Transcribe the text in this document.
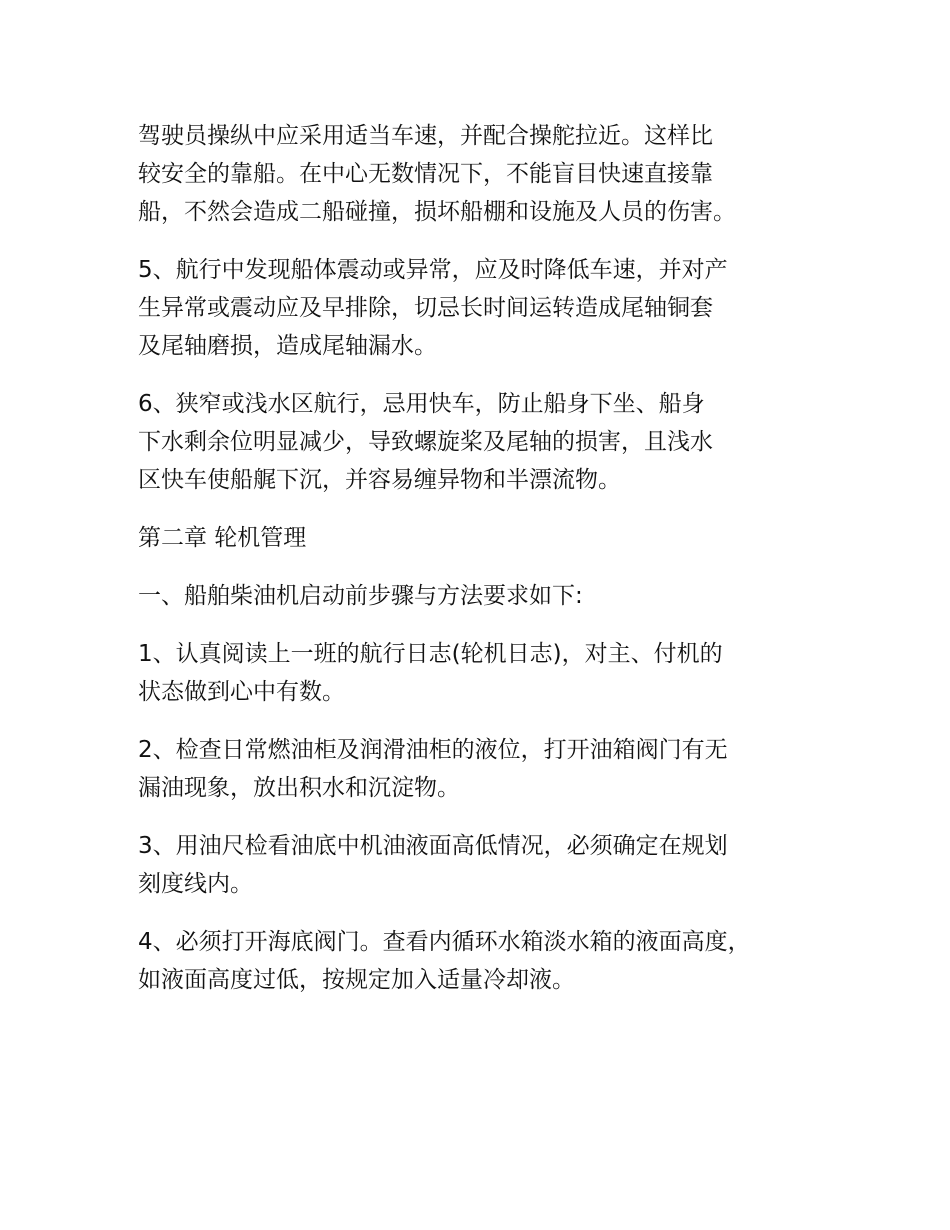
驾驶员操纵中应采用适当车速，并配合操舵拉近。这样比
较安全的靠船。在中心无数情况下，不能盲目快速直接靠
船，不然会造成二船碰撞，损坏船棚和设施及人员的伤害。

5、航行中发现船体震动或异常，应及时降低车速，并对产
生异常或震动应及早排除，切忌长时间运转造成尾轴铜套
及尾轴磨损，造成尾轴漏水。

6、狭窄或浅水区航行，忌用快车，防止船身下坐、船身
下水剩余位明显减少，导致螺旋桨及尾轴的损害，且浅水
区快车使船艉下沉，并容易缠异物和半漂流物。

第二章 轮机管理

一、船舶柴油机启动前步骤与方法要求如下:

1、认真阅读上一班的航行日志(轮机日志)，对主、付机的
状态做到心中有数。

2、检查日常燃油柜及润滑油柜的液位，打开油箱阀门有无
漏油现象，放出积水和沉淀物。

3、用油尺检看油底中机油液面高低情况，必须确定在规划
刻度线内。

4、必须打开海底阀门。查看内循环水箱淡水箱的液面高度，
如液面高度过低，按规定加入适量冷却液。
